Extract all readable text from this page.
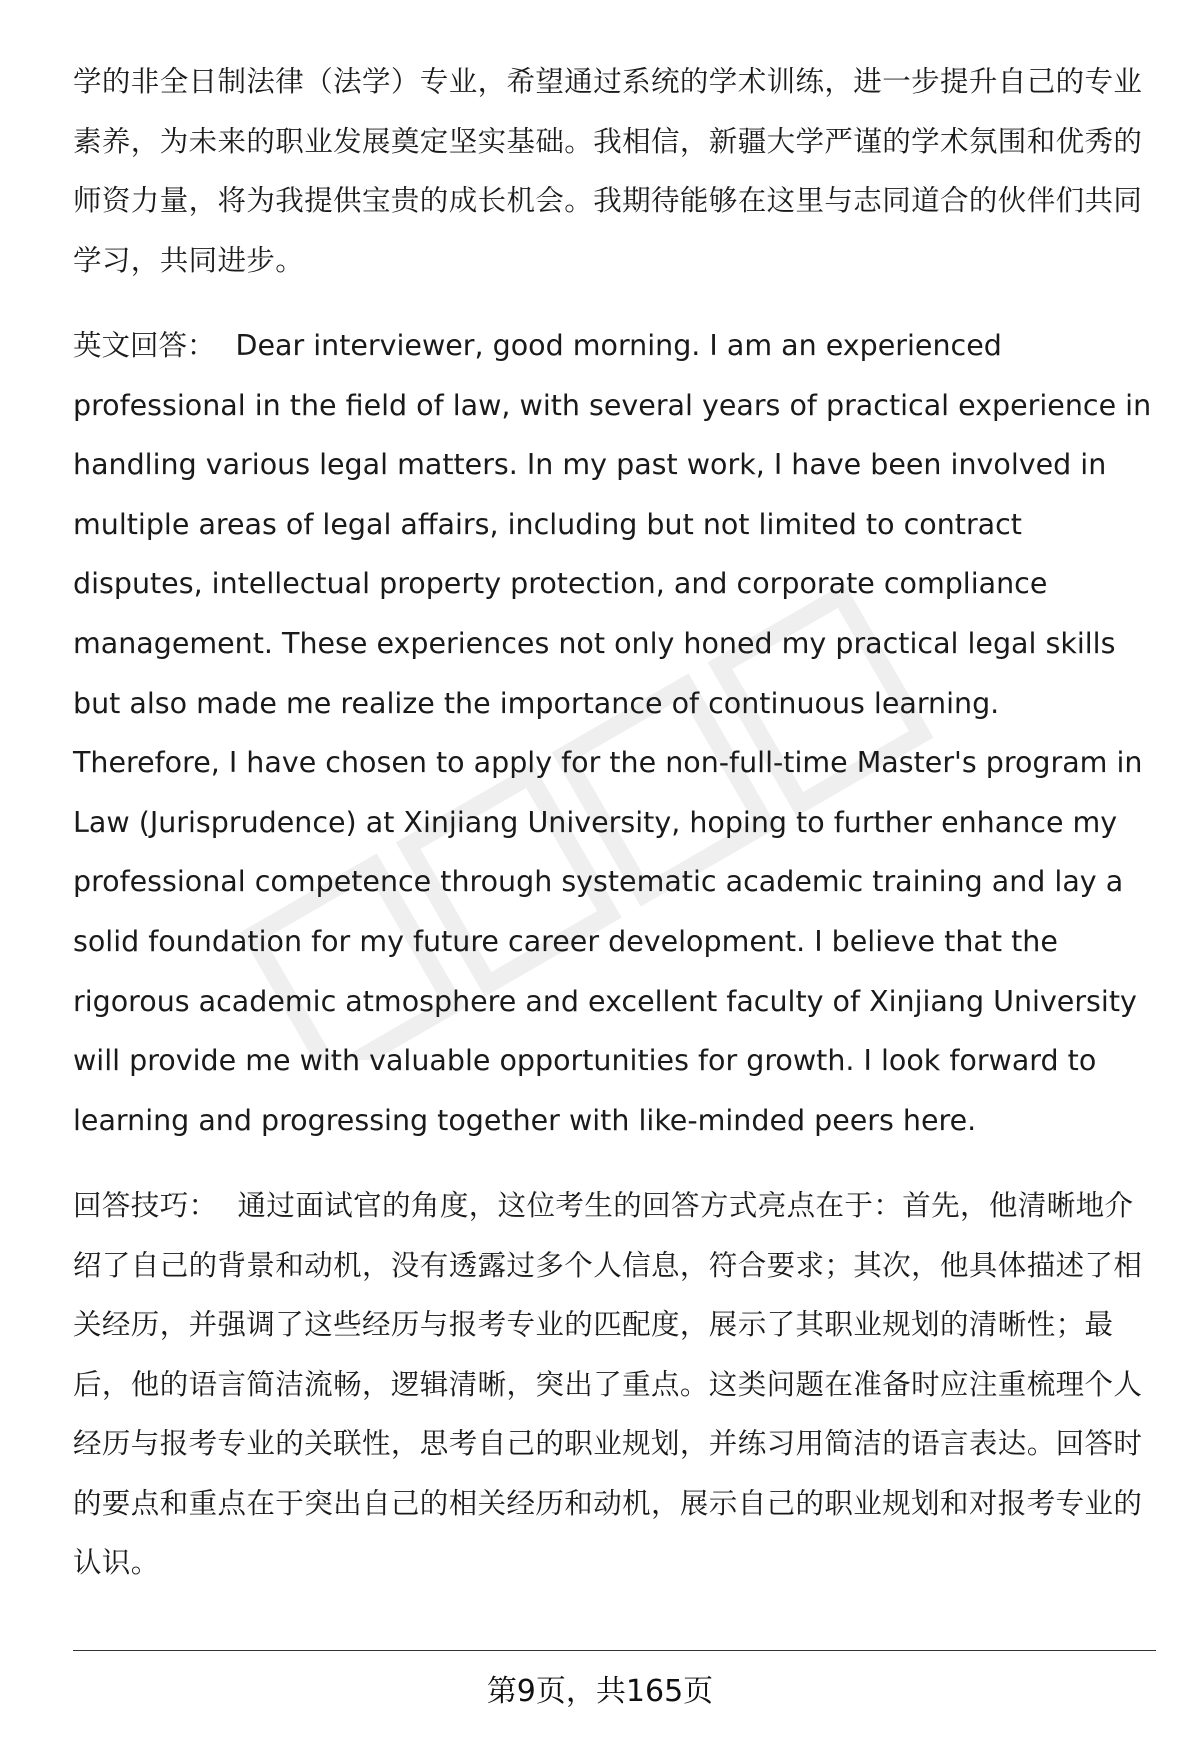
学的非全日制法律（法学）专业，希望通过系统的学术训练，进一步提升自己的专业素养，为未来的职业发展奠定坚实基础。我相信，新疆大学严谨的学术氛围和优秀的师资力量，将为我提供宝贵的成长机会。我期待能够在这里与志同道合的伙伴们共同学习，共同进步。

英文回答： Dear interviewer, good morning. I am an experienced professional in the field of law, with several years of practical experience in handling various legal matters. In my past work, I have been involved in multiple areas of legal affairs, including but not limited to contract disputes, intellectual property protection, and corporate compliance management. These experiences not only honed my practical legal skills but also made me realize the importance of continuous learning. Therefore, I have chosen to apply for the non-full-time Master's program in Law (Jurisprudence) at Xinjiang University, hoping to further enhance my professional competence through systematic academic training and lay a solid foundation for my future career development. I believe that the rigorous academic atmosphere and excellent faculty of Xinjiang University will provide me with valuable opportunities for growth. I look forward to learning and progressing together with like-minded peers here.

回答技巧： 通过面试官的角度，这位考生的回答方式亮点在于：首先，他清晰地介绍了自己的背景和动机，没有透露过多个人信息，符合要求；其次，他具体描述了相关经历，并强调了这些经历与报考专业的匹配度，展示了其职业规划的清晰性；最后，他的语言简洁流畅，逻辑清晰，突出了重点。这类问题在准备时应注重梳理个人经历与报考专业的关联性，思考自己的职业规划，并练习用简洁的语言表达。回答时的要点和重点在于突出自己的相关经历和动机，展示自己的职业规划和对报考专业的认识。

第9页，共165页
